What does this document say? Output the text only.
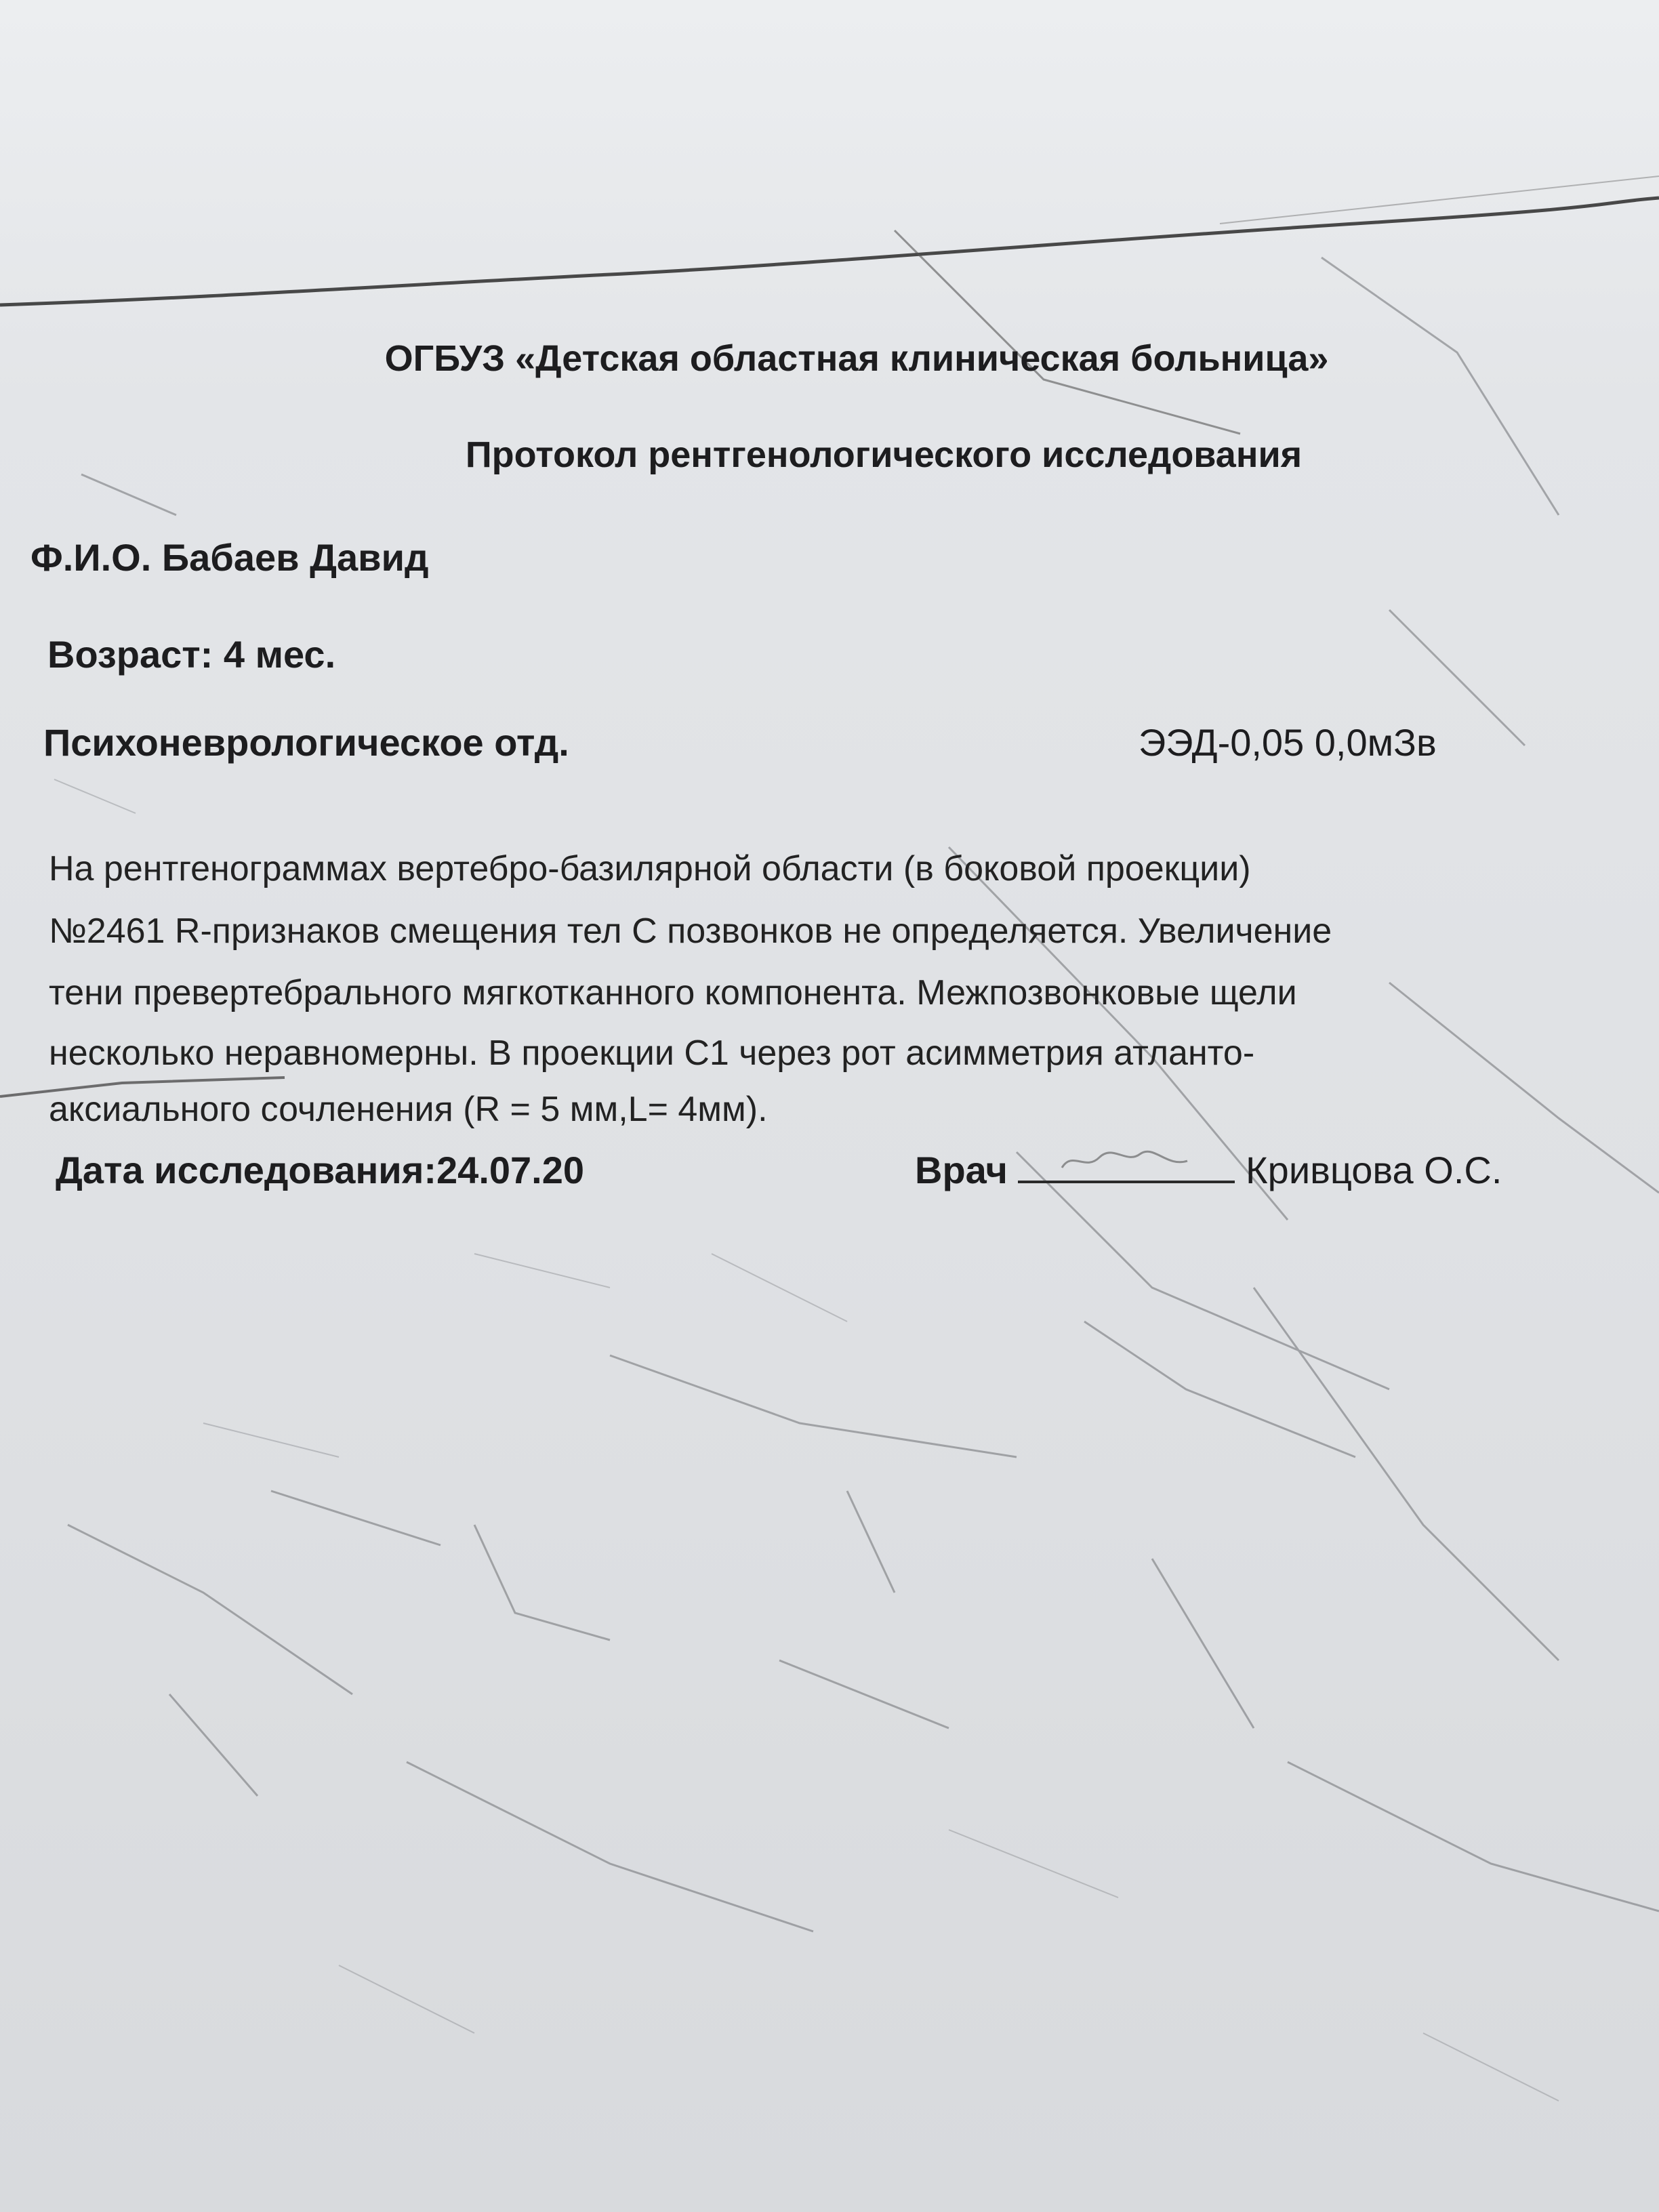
ОГБУЗ «Детская областная клиническая больница»

Протокол рентгенологического исследования

Ф.И.О. Бабаев Давид

Возраст: 4 мес.

Психоневрологическое отд.	ЭЭД-0,05 0,0мЗв

На рентгенограммах вертебро-базилярной области (в боковой проекции)

№2461 R-признаков смещения тел С позвонков не определяется. Увеличение

тени превертебрального мягкотканного компонента. Межпозвонковые щели

несколько неравномерны. В проекции С1 через рот асимметрия атланто-

аксиального сочленения (R = 5 мм,L= 4мм).

Дата исследования:24.07.20	Врач	Кривцова О.С.
